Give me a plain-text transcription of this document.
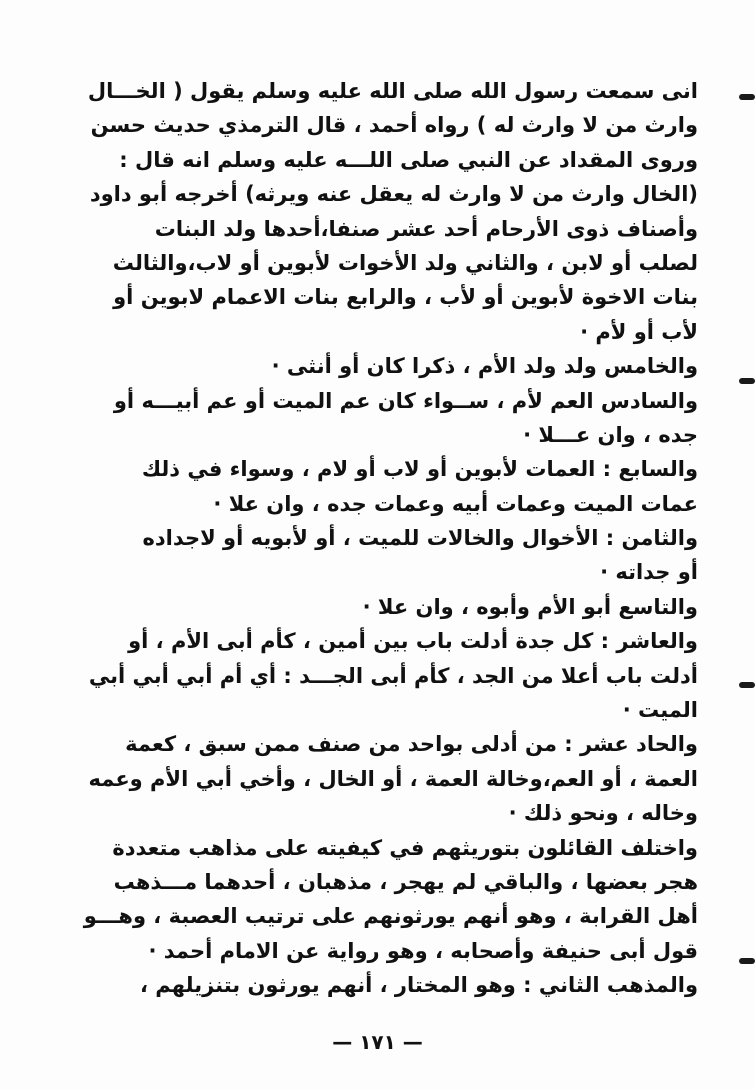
انى سمعت رسول الله صلى الله عليه وسلم يقول ( الخـــال
وارث من لا وارث له ) رواه أحمد ، قال الترمذي حديث حسن
وروى المقداد عن النبي صلى اللـــه عليه وسلم انه قال :
(الخال وارث من لا وارث له يعقل عنه ويرثه) أخرجه أبو داود
وأصناف ذوى الأرحام أحد عشر صنفا،أحدها ولد البنات
لصلب أو لابن ، والثاني ولد الأخوات لأبوين أو لاب،والثالث
بنات الاخوة لأبوين أو لأب ، والرابع بنات الاعمام لابوين أو
لأب أو لأم ·
والخامس ولد ولد الأم ، ذكرا كان أو أنثى ·
والسادس العم لأم ، ســواء كان عم الميت أو عم أبيـــه أو
جده ، وان عـــلا ·
والسابع : العمات لأبوين أو لاب أو لام ، وسواء في ذلك
عمات الميت وعمات أبيه وعمات جده ، وان علا ·
والثامن : الأخوال والخالات للميت ، أو لأبويه أو لاجداده
أو جداته ·
والتاسع أبو الأم وأبوه ، وان علا ·
والعاشر : كل جدة أدلت باب بين أمين ، كأم أبى الأم ، أو
أدلت باب أعلا من الجد ، كأم أبى الجـــد : أي أم أبي أبي أبي
الميت ·
والحاد عشر : من أدلى بواحد من صنف ممن سبق ، كعمة
العمة ، أو العم،وخالة العمة ، أو الخال ، وأخي أبي الأم وعمه
وخاله ، ونحو ذلك ·
واختلف القائلون بتوريثهم في كيفيته على مذاهب متعددة
هجر بعضها ، والباقي لم يهجر ، مذهبان ، أحدهما مـــذهب
أهل القرابة ، وهو أنهم يورثونهم على ترتيب العصبة ، وهـــو
قول أبى حنيفة وأصحابه ، وهو رواية عن الامام أحمد ·
والمذهب الثاني : وهو المختار ، أنهم يورثون بتنزيلهم ،
— ١٧١ —
